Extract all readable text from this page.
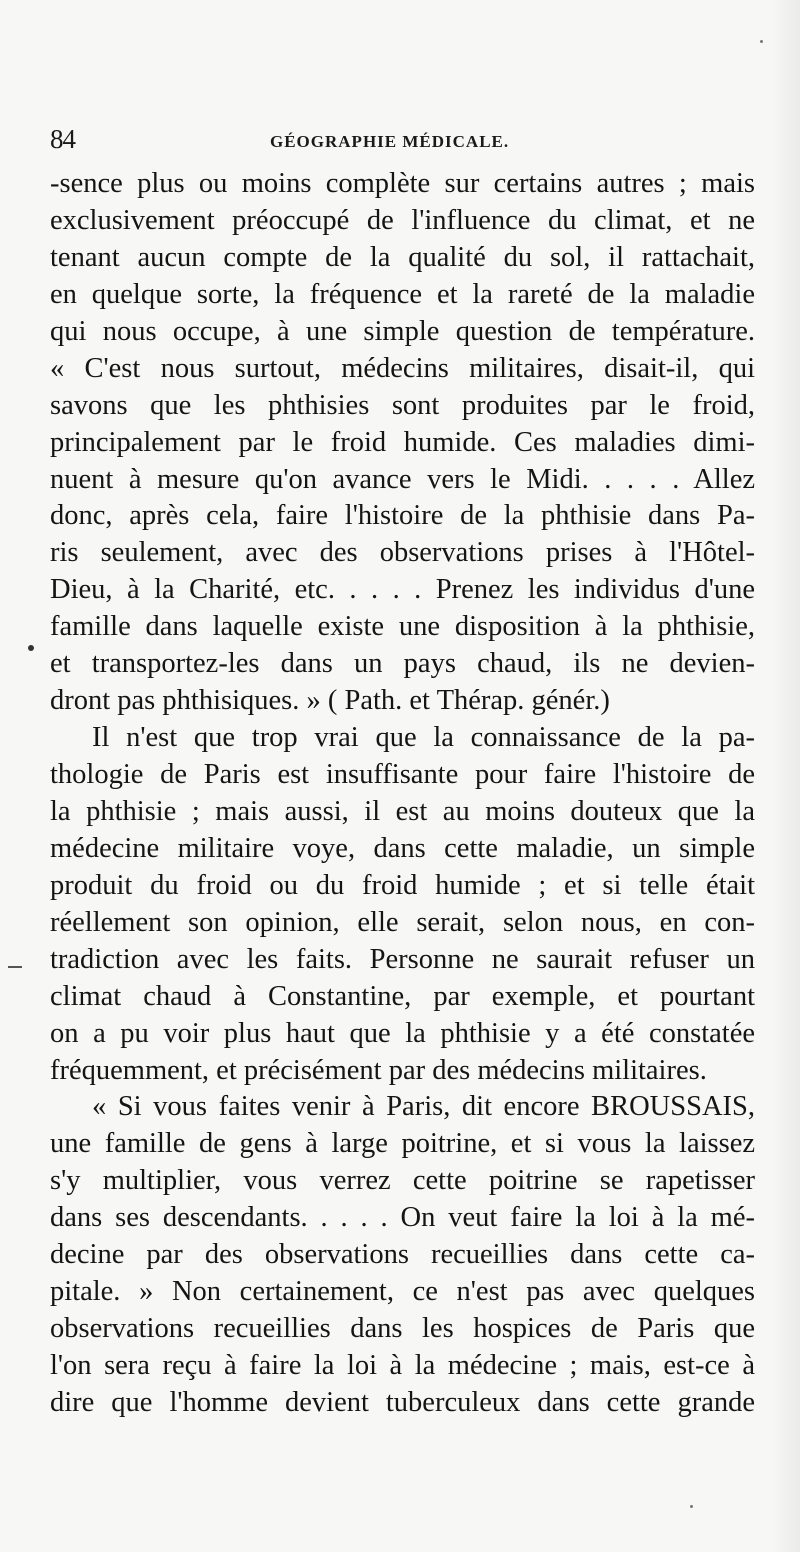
84	GÉOGRAPHIE MÉDICALE.
-sence plus ou moins complète sur certains autres ; mais
exclusivement préoccupé de l'influence du climat, et ne
tenant aucun compte de la qualité du sol, il rattachait,
en quelque sorte, la fréquence et la rareté de la maladie
qui nous occupe, à une simple question de température.
« C'est nous surtout, médecins militaires, disait-il, qui
savons que les phthisies sont produites par le froid,
principalement par le froid humide. Ces maladies dimi-
nuent à mesure qu'on avance vers le Midi. . . . . Allez
donc, après cela, faire l'histoire de la phthisie dans Pa-
ris seulement, avec des observations prises à l'Hôtel-
Dieu, à la Charité, etc. . . . . Prenez les individus d'une
famille dans laquelle existe une disposition à la phthisie,
et transportez-les dans un pays chaud, ils ne devien-
dront pas phthisiques. » ( Path. et Thérap. génér.)
Il n'est que trop vrai que la connaissance de la pa-
thologie de Paris est insuffisante pour faire l'histoire de
la phthisie ; mais aussi, il est au moins douteux que la
médecine militaire voye, dans cette maladie, un simple
produit du froid ou du froid humide ; et si telle était
réellement son opinion, elle serait, selon nous, en con-
tradiction avec les faits. Personne ne saurait refuser un
climat chaud à Constantine, par exemple, et pourtant
on a pu voir plus haut que la phthisie y a été constatée
fréquemment, et précisément par des médecins militaires.
« Si vous faites venir à Paris, dit encore BROUSSAIS,
une famille de gens à large poitrine, et si vous la laissez
s'y multiplier, vous verrez cette poitrine se rapetisser
dans ses descendants. . . . . On veut faire la loi à la mé-
decine par des observations recueillies dans cette ca-
pitale. » Non certainement, ce n'est pas avec quelques
observations recueillies dans les hospices de Paris que
l'on sera reçu à faire la loi à la médecine ; mais, est-ce à
dire que l'homme devient tuberculeux dans cette grande
